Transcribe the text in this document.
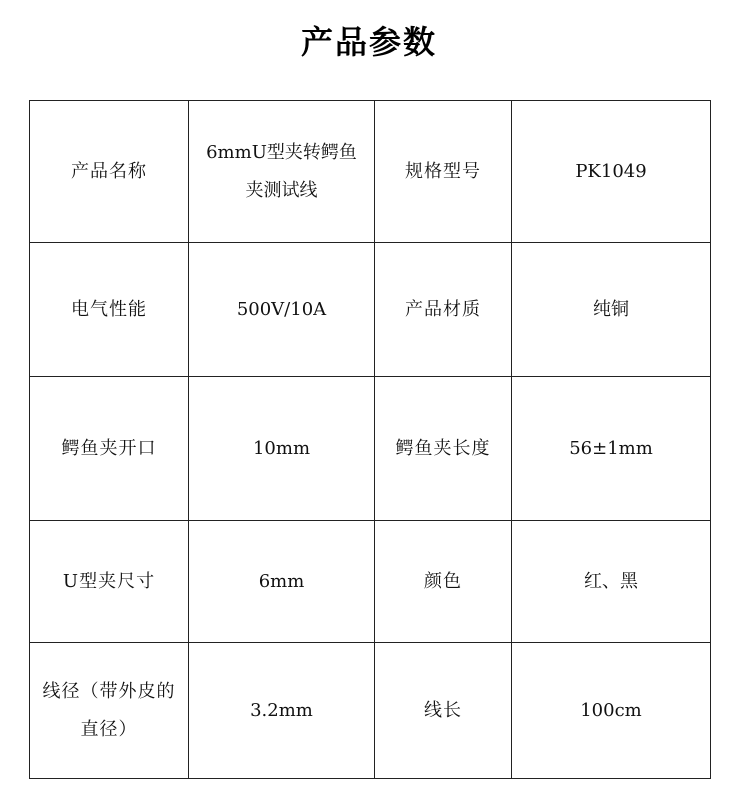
产品参数
产品名称	6mmU型夹转鳄鱼夹测试线	规格型号	PK1049
电气性能	500V/10A	产品材质	纯铜
鳄鱼夹开口	10mm	鳄鱼夹长度	56±1mm
U型夹尺寸	6mm	颜色	红、黑
线径（带外皮的直径）	3.2mm	线长	100cm
